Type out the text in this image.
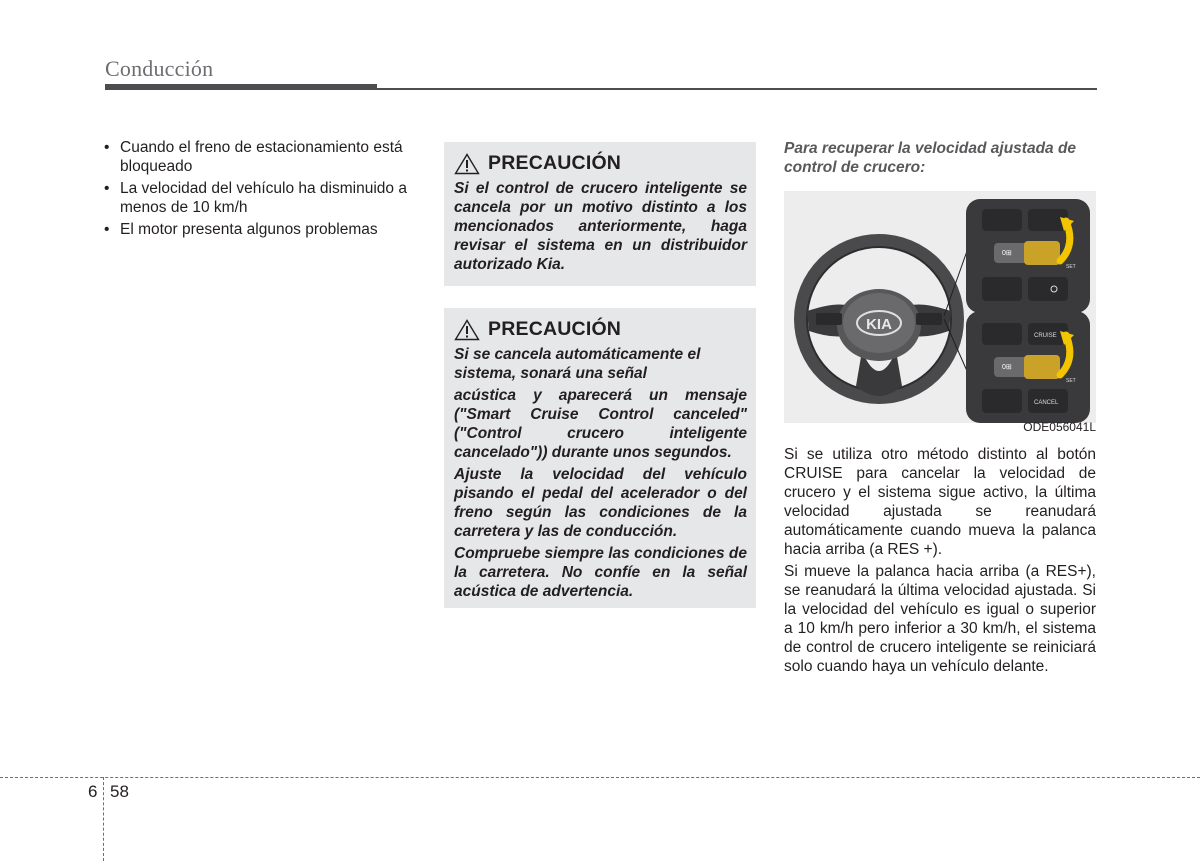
Conducción
• Cuando el freno de estacionamiento está bloqueado
• La velocidad del vehículo ha disminuido a menos de 10 km/h
• El motor presenta algunos problemas
PRECAUCIÓN

Si el control de crucero inteligente se cancela por un motivo distinto a los mencionados anteriormente, haga revisar el sistema en un distribuidor autorizado Kia.

PRECAUCIÓN

Si se cancela automáticamente el sistema, sonará una señal

acústica y aparecerá un mensaje ("Smart Cruise Control canceled" ("Control crucero inteligente cancelado")) durante unos segundos.

Ajuste la velocidad del vehículo pisando el pedal del acelerador o del freno según las condiciones de la carretera y las de conducción.

Compruebe siempre las condiciones de la carretera. No confíe en la señal acústica de advertencia.

Para recuperar la velocidad ajustada de control de crucero:
KIA
0⊞
SET
CRUISE
0⊞
SET
CANCEL
ODE056041L

Si se utiliza otro método distinto al botón CRUISE para cancelar la velocidad de crucero y el sistema sigue activo, la última velocidad ajustada se reanudará automáticamente cuando mueva la palanca hacia arriba (a RES +).

Si mueve la palanca hacia arriba (a RES+), se reanudará la última velocidad ajustada. Si la velocidad del vehículo es igual o superior a 10 km/h pero inferior a 30 km/h, el sistema de control de crucero inteligente se reiniciará solo cuando haya un vehículo delante.

6 58
